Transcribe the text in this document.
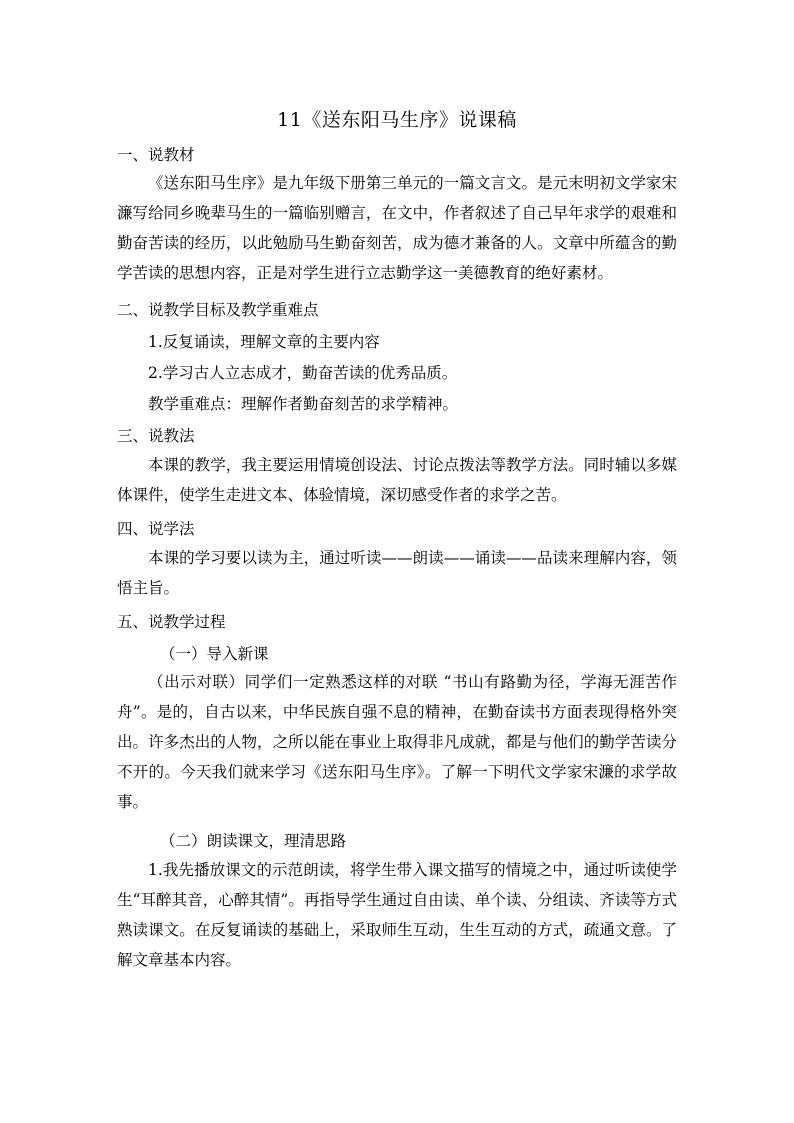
11《送东阳马生序》说课稿
一、说教材
《送东阳马生序》是九年级下册第三单元的一篇文言文。是元末明初文学家宋濂写给同乡晚辈马生的一篇临别赠言，在文中，作者叙述了自己早年求学的艰难和勤奋苦读的经历，以此勉励马生勤奋刻苦，成为德才兼备的人。文章中所蕴含的勤学苦读的思想内容，正是对学生进行立志勤学这一美德教育的绝好素材。
二、说教学目标及教学重难点
1.反复诵读，理解文章的主要内容
2.学习古人立志成才，勤奋苦读的优秀品质。
教学重难点：理解作者勤奋刻苦的求学精神。
三、说教法
本课的教学，我主要运用情境创设法、讨论点拨法等教学方法。同时辅以多媒体课件，使学生走进文本、体验情境，深切感受作者的求学之苦。
四、说学法
本课的学习要以读为主，通过听读——朗读——诵读——品读来理解内容，领悟主旨。
五、说教学过程
（一）导入新课
（出示对联）同学们一定熟悉这样的对联 “书山有路勤为径，学海无涯苦作舟”。是的，自古以来，中华民族自强不息的精神，在勤奋读书方面表现得格外突出。许多杰出的人物，之所以能在事业上取得非凡成就，都是与他们的勤学苦读分不开的。今天我们就来学习《送东阳马生序》。了解一下明代文学家宋濂的求学故事。
（二）朗读课文，理清思路
1.我先播放课文的示范朗读，将学生带入课文描写的情境之中，通过听读使学生“耳醉其音，心醉其情”。再指导学生通过自由读、单个读、分组读、齐读等方式熟读课文。在反复诵读的基础上，采取师生互动，生生互动的方式，疏通文意。了解文章基本内容。
